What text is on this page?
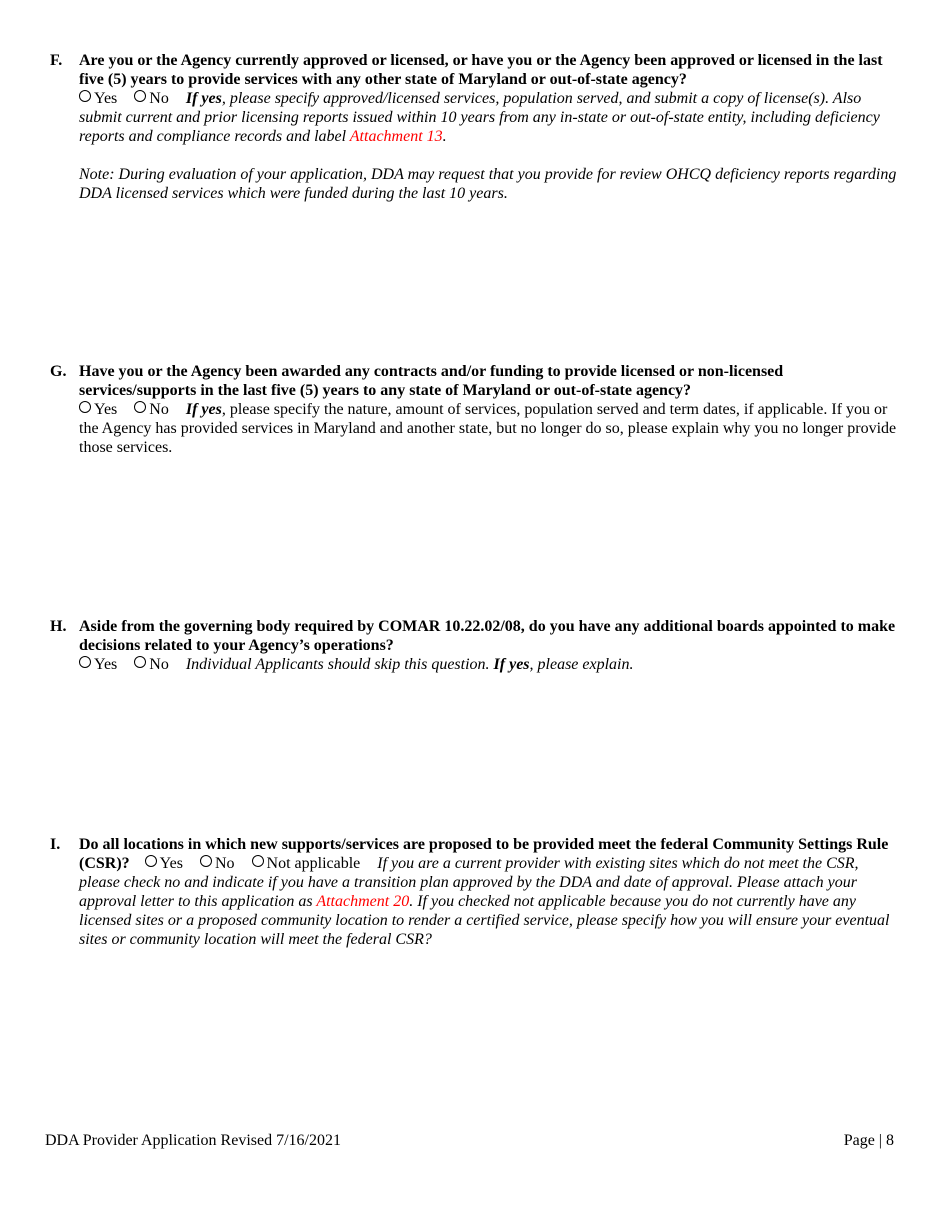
F. Are you or the Agency currently approved or licensed, or have you or the Agency been approved or licensed in the last five (5) years to provide services with any other state of Maryland or out-of-state agency?
Yes No If yes, please specify approved/licensed services, population served, and submit a copy of license(s). Also submit current and prior licensing reports issued within 10 years from any in-state or out-of-state entity, including deficiency reports and compliance records and label Attachment 13.
Note: During evaluation of your application, DDA may request that you provide for review OHCQ deficiency reports regarding DDA licensed services which were funded during the last 10 years.
G. Have you or the Agency been awarded any contracts and/or funding to provide licensed or non-licensed services/supports in the last five (5) years to any state of Maryland or out-of-state agency?
Yes No If yes, please specify the nature, amount of services, population served and term dates, if applicable. If you or the Agency has provided services in Maryland and another state, but no longer do so, please explain why you no longer provide those services.
H. Aside from the governing body required by COMAR 10.22.02/08, do you have any additional boards appointed to make decisions related to your Agency’s operations?
Yes No Individual Applicants should skip this question. If yes, please explain.
I. Do all locations in which new supports/services are proposed to be provided meet the federal Community Settings Rule (CSR)? Yes No Not applicable If you are a current provider with existing sites which do not meet the CSR, please check no and indicate if you have a transition plan approved by the DDA and date of approval. Please attach your approval letter to this application as Attachment 20. If you checked not applicable because you do not currently have any licensed sites or a proposed community location to render a certified service, please specify how you will ensure your eventual sites or community location will meet the federal CSR?
DDA Provider Application Revised 7/16/2021	Page | 8
